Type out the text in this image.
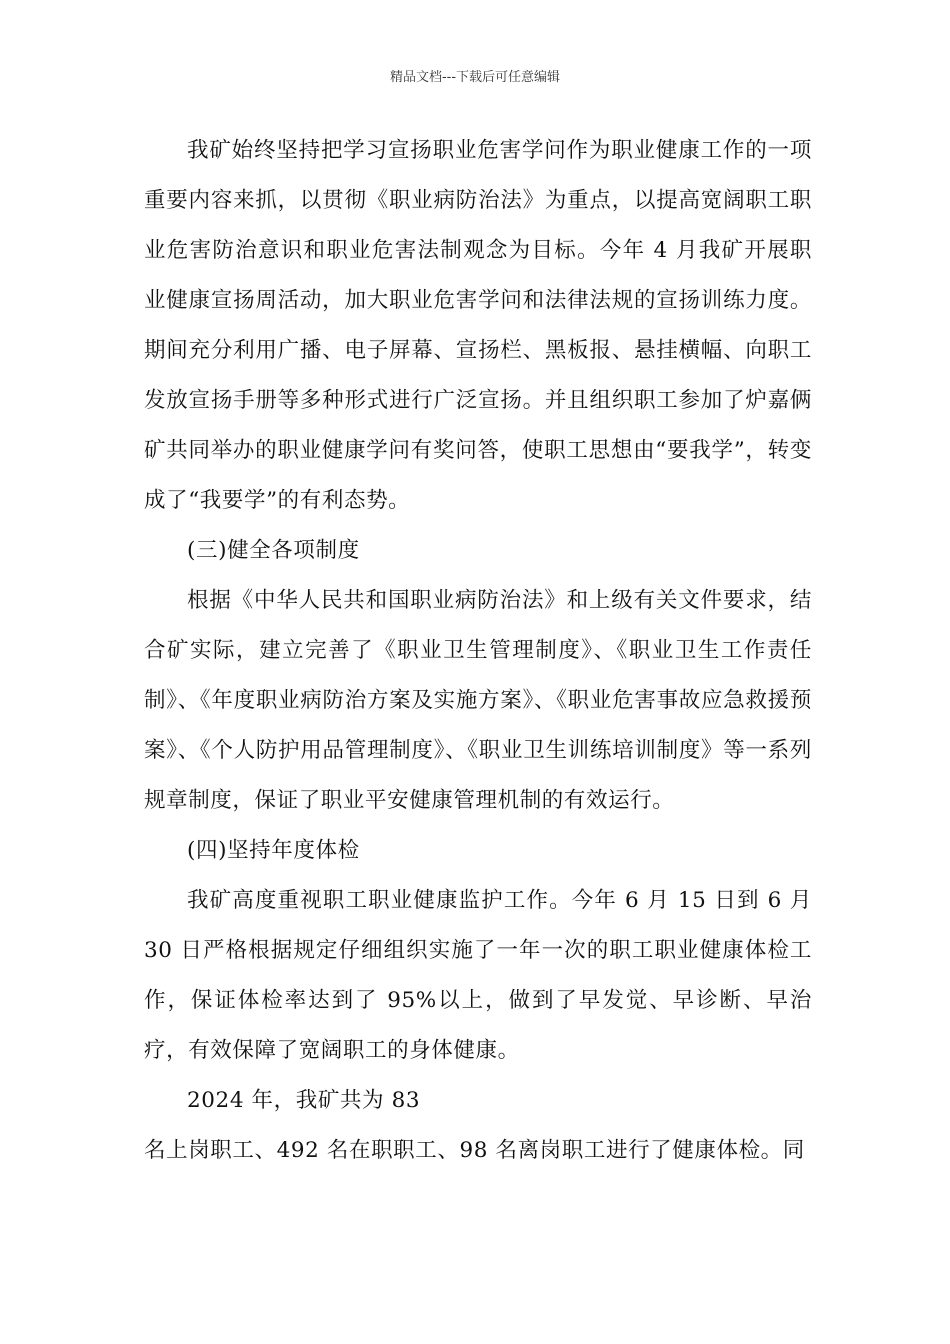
精品文档---下载后可任意编辑

我矿始终坚持把学习宣扬职业危害学问作为职业健康工作的一项重要内容来抓，以贯彻《职业病防治法》为重点，以提高宽阔职工职业危害防治意识和职业危害法制观念为目标。今年 4 月我矿开展职业健康宣扬周活动，加大职业危害学问和法律法规的宣扬训练力度。期间充分利用广播、电子屏幕、宣扬栏、黑板报、悬挂横幅、向职工发放宣扬手册等多种形式进行广泛宣扬。并且组织职工参加了炉嘉俩矿共同举办的职业健康学问有奖问答，使职工思想由“要我学”，转变成了“我要学”的有利态势。

(三)健全各项制度

根据《中华人民共和国职业病防治法》和上级有关文件要求，结合矿实际，建立完善了《职业卫生管理制度》、《职业卫生工作责任制》、《年度职业病防治方案及实施方案》、《职业危害事故应急救援预案》、《个人防护用品管理制度》、《职业卫生训练培训制度》等一系列规章制度，保证了职业平安健康管理机制的有效运行。

(四)坚持年度体检

我矿高度重视职工职业健康监护工作。今年 6 月 15 日到 6 月 30 日严格根据规定仔细组织实施了一年一次的职工职业健康体检工作，保证体检率达到了 95%以上，做到了早发觉、早诊断、早治疗，有效保障了宽阔职工的身体健康。

2024 年，我矿共为 83

名上岗职工、492 名在职职工、98 名离岗职工进行了健康体检。同
